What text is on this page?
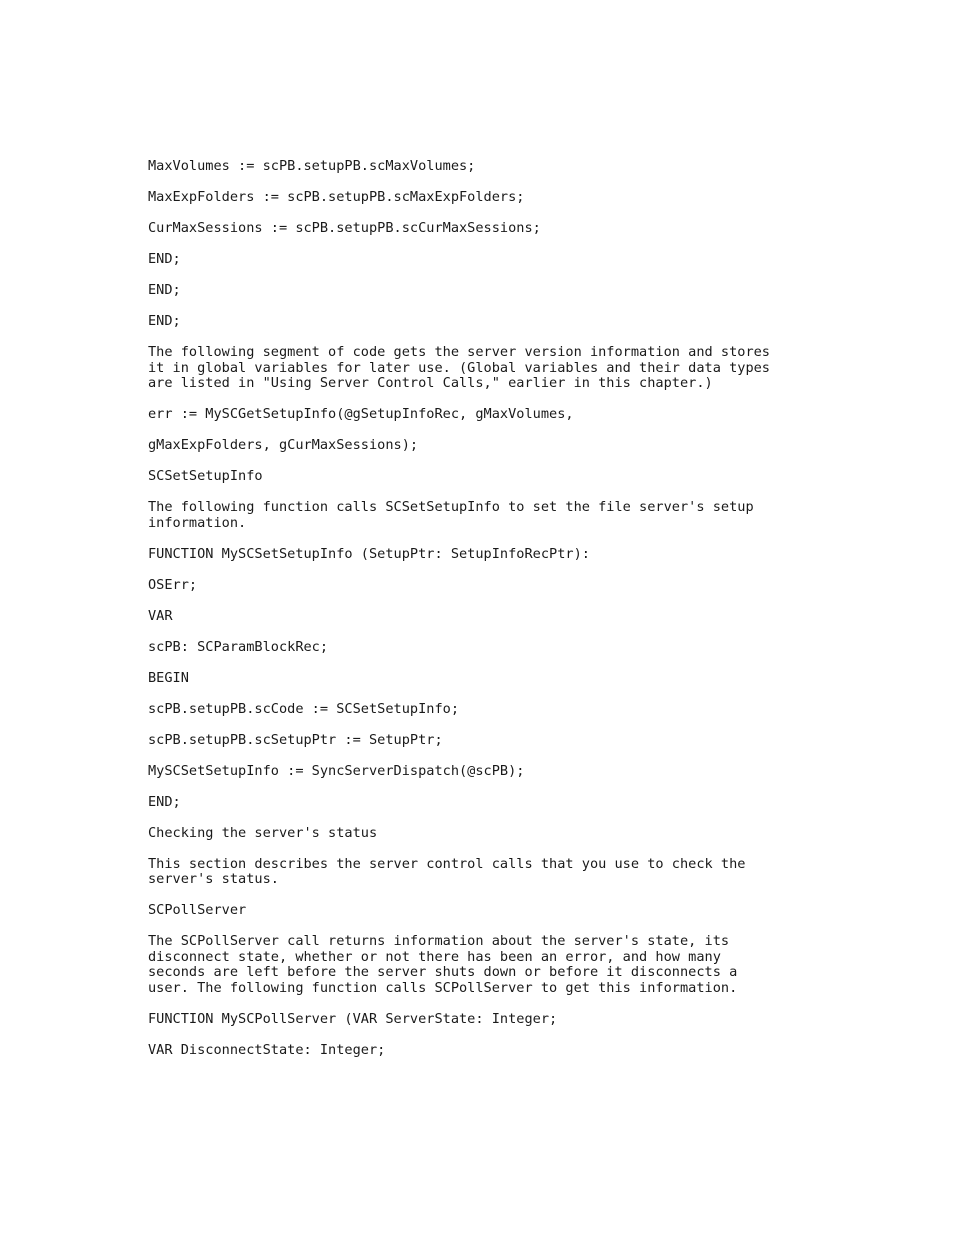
MaxVolumes := scPB.setupPB.scMaxVolumes;
MaxExpFolders := scPB.setupPB.scMaxExpFolders;
CurMaxSessions := scPB.setupPB.scCurMaxSessions;
END;
END;
END;
The following segment of code gets the server version information and stores
it in global variables for later use. (Global variables and their data types
are listed in "Using Server Control Calls," earlier in this chapter.)
err := MySCGetSetupInfo(@gSetupInfoRec, gMaxVolumes,
gMaxExpFolders, gCurMaxSessions);
SCSetSetupInfo
The following function calls SCSetSetupInfo to set the file server's setup
information.
FUNCTION MySCSetSetupInfo (SetupPtr: SetupInfoRecPtr):
OSErr;
VAR
scPB: SCParamBlockRec;
BEGIN
scPB.setupPB.scCode := SCSetSetupInfo;
scPB.setupPB.scSetupPtr := SetupPtr;
MySCSetSetupInfo := SyncServerDispatch(@scPB);
END;
Checking the server's status
This section describes the server control calls that you use to check the
server's status.
SCPollServer
The SCPollServer call returns information about the server's state, its
disconnect state, whether or not there has been an error, and how many
seconds are left before the server shuts down or before it disconnects a
user. The following function calls SCPollServer to get this information.
FUNCTION MySCPollServer (VAR ServerState: Integer;
VAR DisconnectState: Integer;
